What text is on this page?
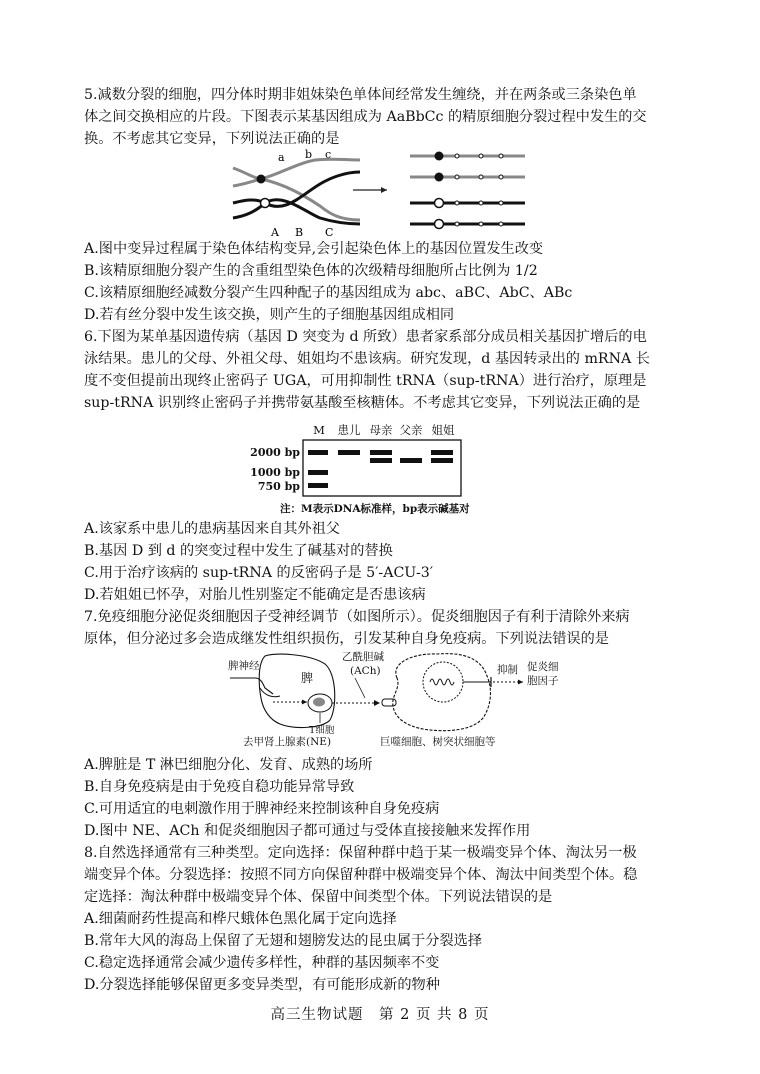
5.减数分裂的细胞，四分体时期非姐妹染色单体间经常发生缠绕，并在两条或三条染色单
体之间交换相应的片段。下图表示某基因组成为 AaBbCc 的精原细胞分裂过程中发生的交
换。不考虑其它变异，下列说法正确的是
a b c
A B C
A.图中变异过程属于染色体结构变异,会引起染色体上的基因位置发生改变
B.该精原细胞分裂产生的含重组型染色体的次级精母细胞所占比例为 1/2
C.该精原细胞经减数分裂产生四种配子的基因组成为 abc、aBC、AbC、ABc
D.若有丝分裂中发生该交换，则产生的子细胞基因组成相同
6.下图为某单基因遗传病（基因 D 突变为 d 所致）患者家系部分成员相关基因扩增后的电
泳结果。患儿的父母、外祖父母、姐姐均不患该病。研究发现，d 基因转录出的 mRNA 长
度不变但提前出现终止密码子 UGA，可用抑制性 tRNA（sup-tRNA）进行治疗，原理是
sup-tRNA 识别终止密码子并携带氨基酸至核糖体。不考虑其它变异，下列说法正确的是
M 患儿 母亲 父亲 姐姐
2000 bp
1000 bp
750 bp
注：M表示DNA标准样，bp表示碱基对
A.该家系中患儿的患病基因来自其外祖父
B.基因 D 到 d 的突变过程中发生了碱基对的替换
C.用于治疗该病的 sup-tRNA 的反密码子是 5′-ACU-3′
D.若姐姐已怀孕，对胎儿性别鉴定不能确定是否患该病
7.免疫细胞分泌促炎细胞因子受神经调节（如图所示）。促炎细胞因子有利于清除外来病
原体，但分泌过多会造成继发性组织损伤，引发某种自身免疫病。下列说法错误的是
脾神经
脾
乙酰胆碱
(ACh)	抑制 促炎细
胞因子
去甲肾上腺素(NE)
T细胞
巨噬细胞、树突状细胞等
A.脾脏是 T 淋巴细胞分化、发育、成熟的场所
B.自身免疫病是由于免疫自稳功能异常导致
C.可用适宜的电刺激作用于脾神经来控制该种自身免疫病
D.图中 NE、ACh 和促炎细胞因子都可通过与受体直接接触来发挥作用
8.自然选择通常有三种类型。定向选择：保留种群中趋于某一极端变异个体、淘汰另一极
端变异个体。分裂选择：按照不同方向保留种群中极端变异个体、淘汰中间类型个体。稳
定选择：淘汰种群中极端变异个体、保留中间类型个体。下列说法错误的是
A.细菌耐药性提高和桦尺蛾体色黑化属于定向选择
B.常年大风的海岛上保留了无翅和翅膀发达的昆虫属于分裂选择
C.稳定选择通常会减少遗传多样性，种群的基因频率不变
D.分裂选择能够保留更多变异类型，有可能形成新的物种
高三生物试题　第 2 页 共 8 页
